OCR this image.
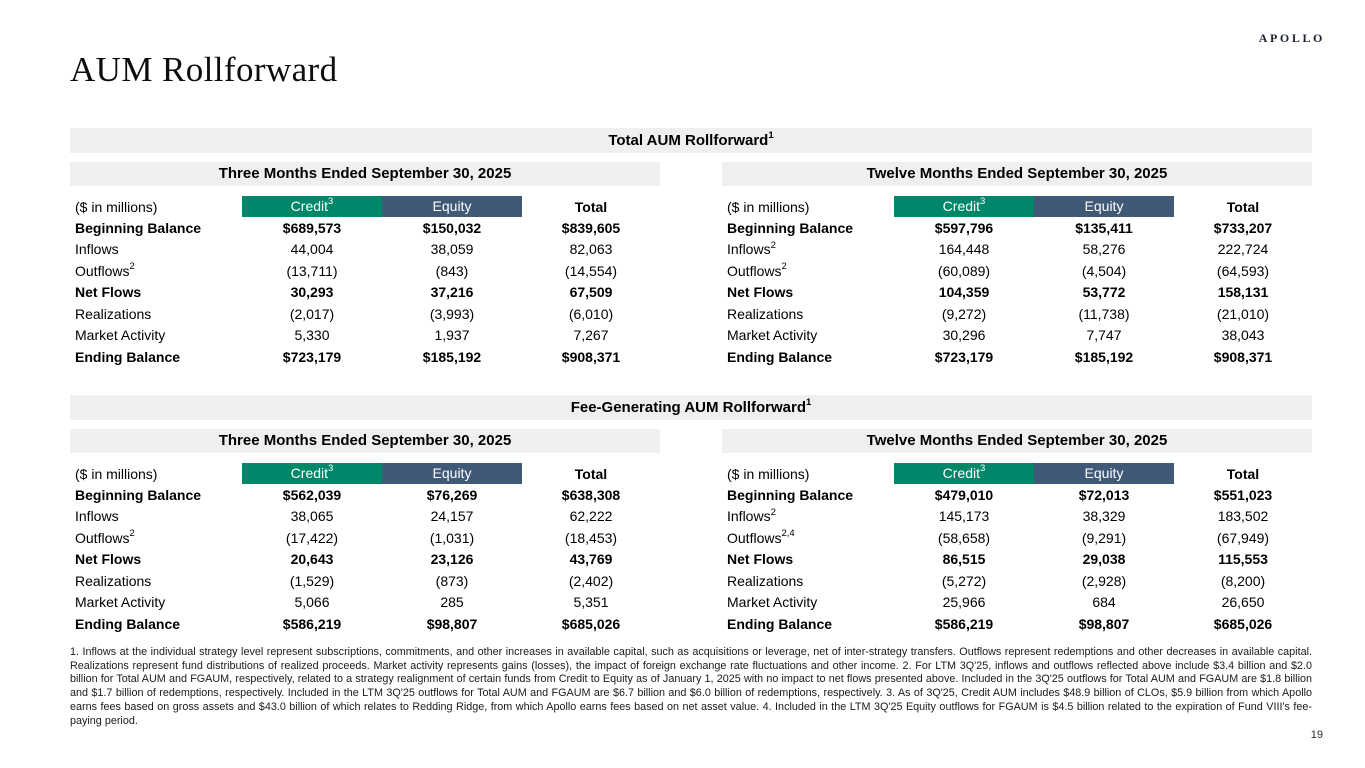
APOLLO
AUM Rollforward
Total AUM Rollforward$^1$
Three Months Ended September 30, 2025
($ in millions)	Credit$^3$	Equity	Total
Beginning Balance	$689,573	$150,032	$839,605
Inflows	44,004	38,059	82,063
Outflows$^2$	(13,711)	(843)	(14,554)
Net Flows	30,293	37,216	67,509
Realizations	(2,017)	(3,993)	(6,010)
Market Activity	5,330	1,937	7,267
Ending Balance	$723,179	$185,192	$908,371
Twelve Months Ended September 30, 2025
($ in millions)	Credit$^3$	Equity	Total
Beginning Balance	$597,796	$135,411	$733,207
Inflows$^2$	164,448	58,276	222,724
Outflows$^2$	(60,089)	(4,504)	(64,593)
Net Flows	104,359	53,772	158,131
Realizations	(9,272)	(11,738)	(21,010)
Market Activity	30,296	7,747	38,043
Ending Balance	$723,179	$185,192	$908,371
Fee-Generating AUM Rollforward$^1$
Three Months Ended September 30, 2025
($ in millions)	Credit$^3$	Equity	Total
Beginning Balance	$562,039	$76,269	$638,308
Inflows	38,065	24,157	62,222
Outflows$^2$	(17,422)	(1,031)	(18,453)
Net Flows	20,643	23,126	43,769
Realizations	(1,529)	(873)	(2,402)
Market Activity	5,066	285	5,351
Ending Balance	$586,219	$98,807	$685,026
Twelve Months Ended September 30, 2025
($ in millions)	Credit$^3$	Equity	Total
Beginning Balance	$479,010	$72,013	$551,023
Inflows$^2$	145,173	38,329	183,502
Outflows$^{2,4}$	(58,658)	(9,291)	(67,949)
Net Flows	86,515	29,038	115,553
Realizations	(5,272)	(2,928)	(8,200)
Market Activity	25,966	684	26,650
Ending Balance	$586,219	$98,807	$685,026
1. Inflows at the individual strategy level represent subscriptions, commitments, and other increases in available capital, such as acquisitions or leverage, net of inter-strategy transfers. Outflows represent redemptions and other decreases in available capital. Realizations represent fund distributions of realized proceeds. Market activity represents gains (losses), the impact of foreign exchange rate fluctuations and other income. 2. For LTM 3Q'25, inflows and outflows reflected above include $3.4 billion and $2.0 billion for Total AUM and FGAUM, respectively, related to a strategy realignment of certain funds from Credit to Equity as of January 1, 2025 with no impact to net flows presented above. Included in the 3Q'25 outflows for Total AUM and FGAUM are $1.8 billion and $1.7 billion of redemptions, respectively. Included in the LTM 3Q'25 outflows for Total AUM and FGAUM are $6.7 billion and $6.0 billion of redemptions, respectively. 3. As of 3Q'25, Credit AUM includes $48.9 billion of CLOs, $5.9 billion from which Apollo earns fees based on gross assets and $43.0 billion of which relates to Redding Ridge, from which Apollo earns fees based on net asset value. 4. Included in the LTM 3Q'25 Equity outflows for FGAUM is $4.5 billion related to the expiration of Fund VIII's fee-paying period.
19
